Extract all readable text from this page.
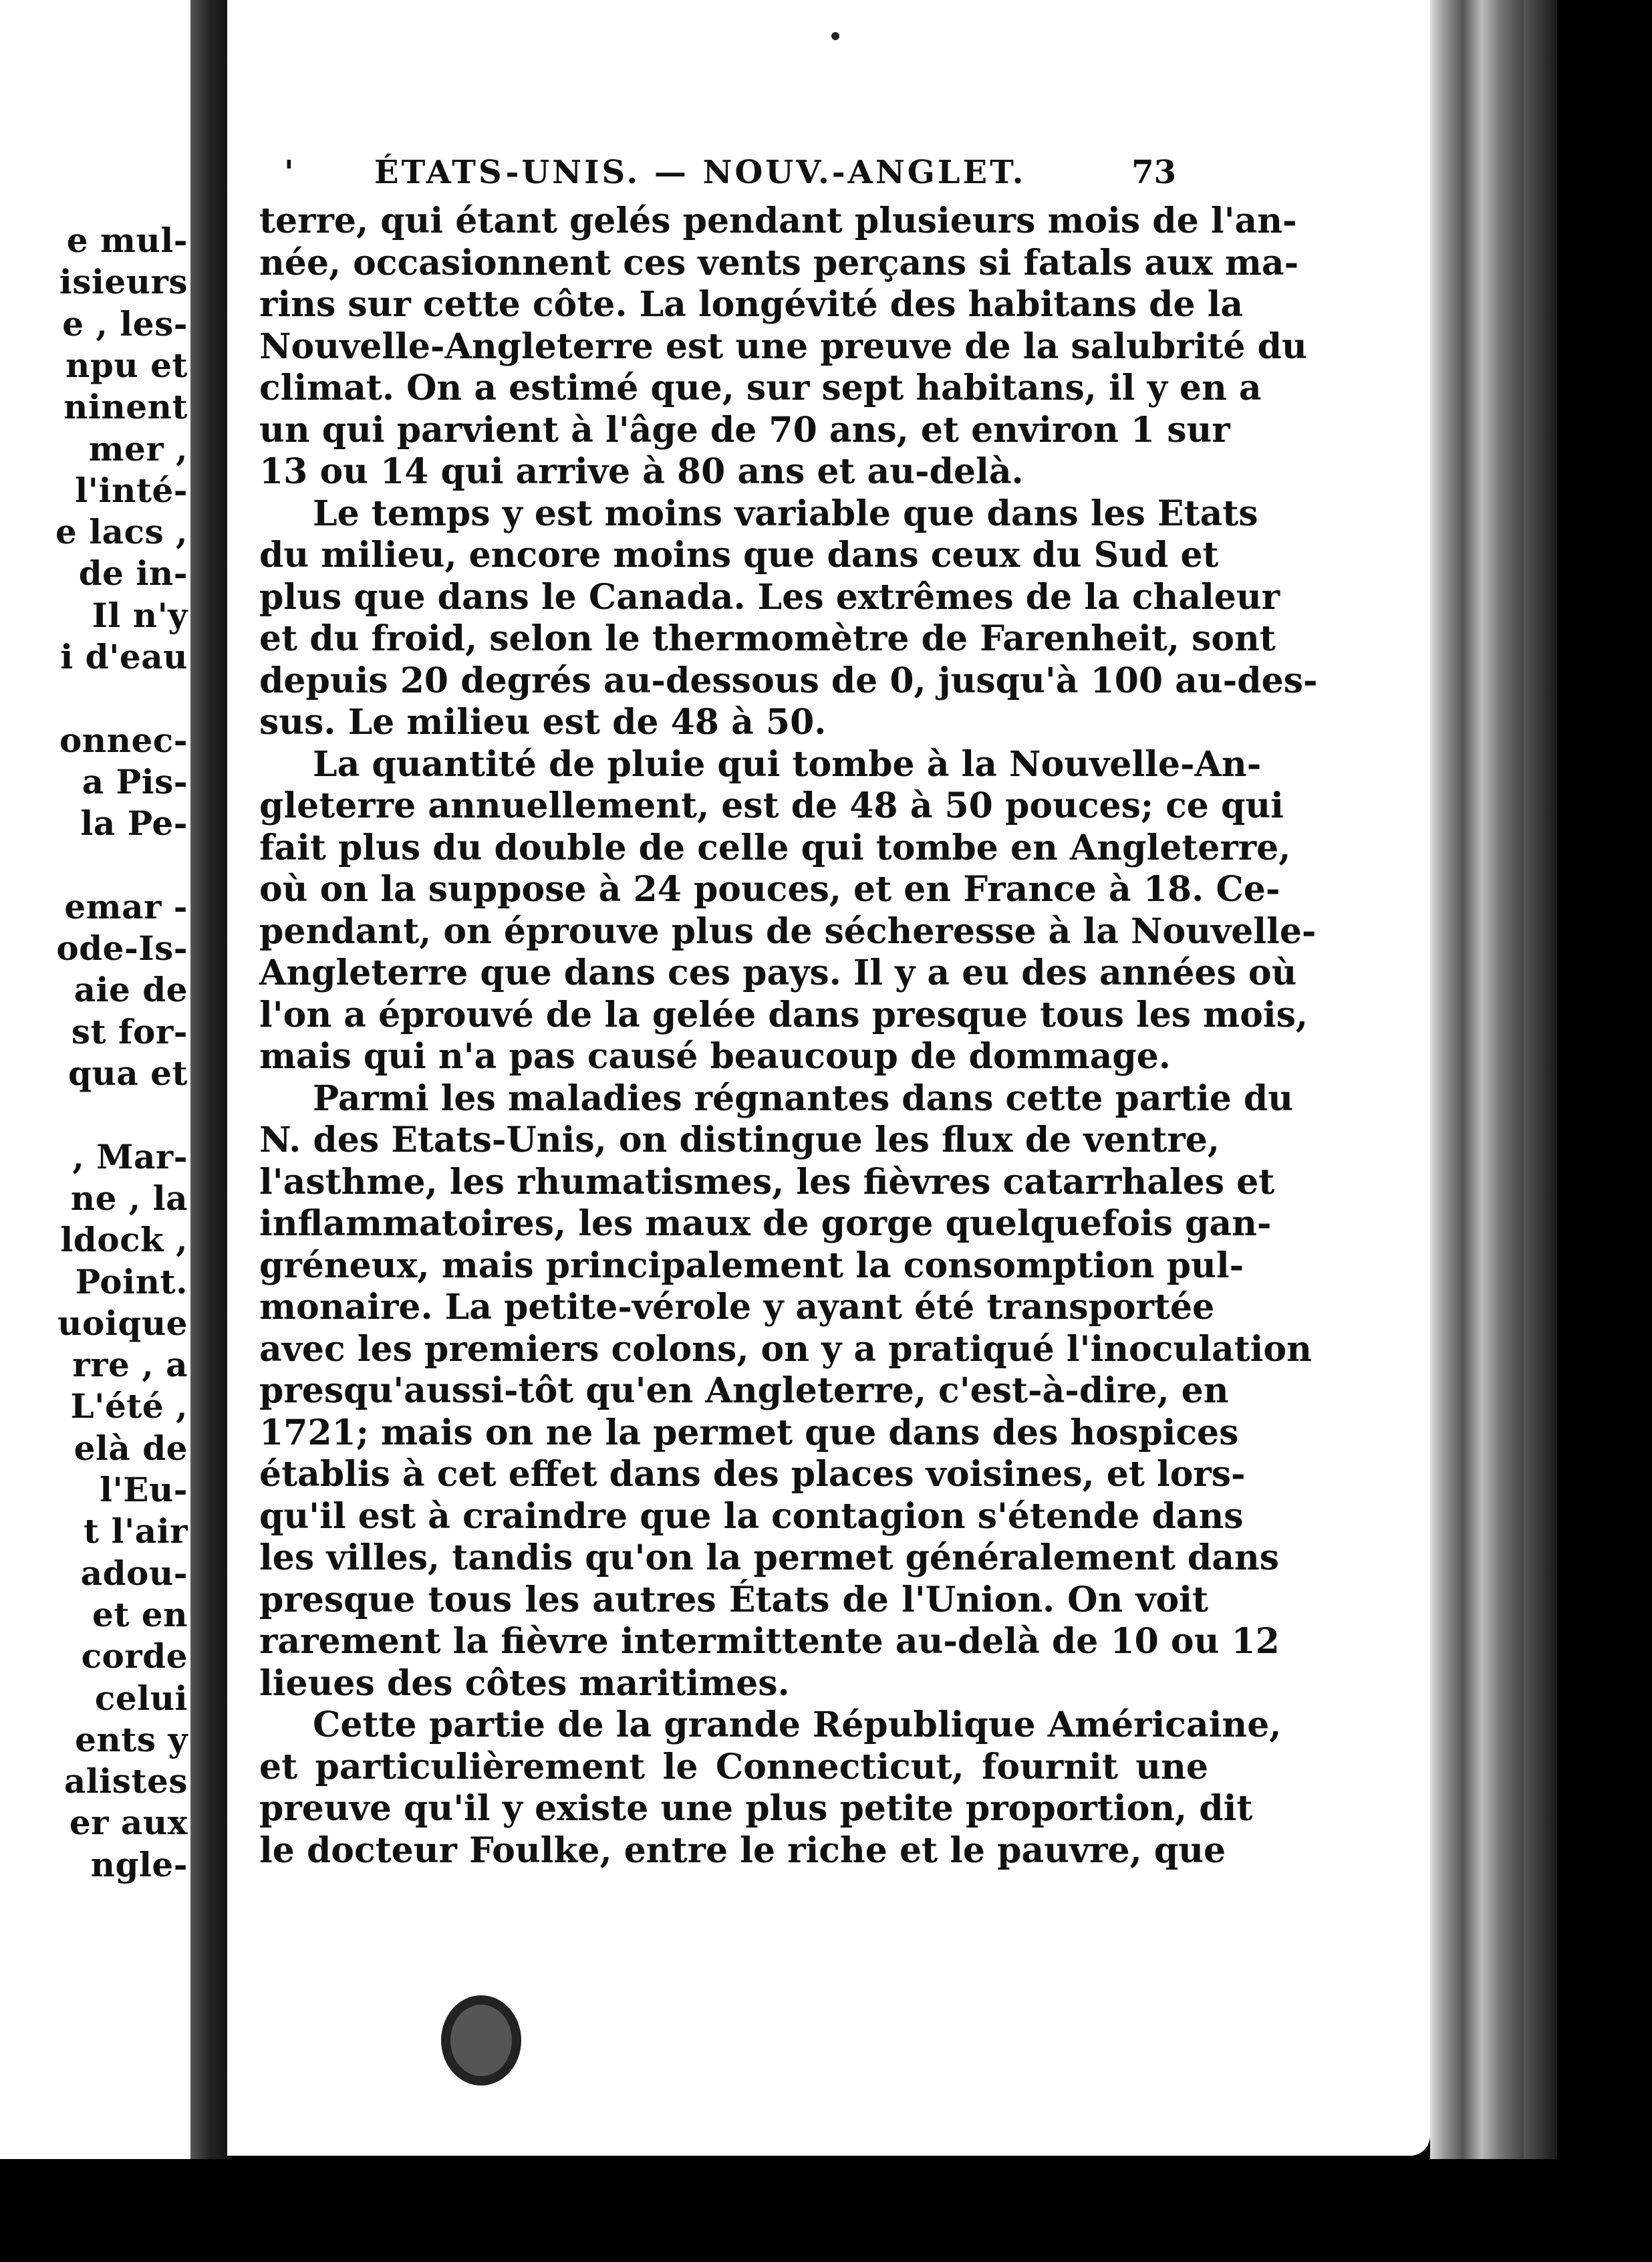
e mul-
isieurs
e , les-
npu et
ninent
mer ,
l'inté-
e lacs ,
de in-
Il n'y
i d'eau
onnec-
a Pis-
la Pe-
emar -
ode-Is-
aie de
st for-
qua et
, Mar-
ne , la
ldock ,
Point.
uoique
rre , a
L'été ,
elà de
l'Eu-
t l'air
adou-
et en
corde
celui
ents y
alistes
er aux
ngle-
'	ÉTATS-UNIS. — NOUV.-ANGLET.	73
terre, qui étant gelés pendant plusieurs mois de l'an-
née, occasionnent ces vents perçans si fatals aux ma-
rins sur cette côte. La longévité des habitans de la
Nouvelle-Angleterre est une preuve de la salubrité du
climat. On a estimé que, sur sept habitans, il y en a
un qui parvient à l'âge de 70 ans, et environ 1 sur
13 ou 14 qui arrive à 80 ans et au-delà.
Le temps y est moins variable que dans les Etats
du milieu, encore moins que dans ceux du Sud et
plus que dans le Canada. Les extrêmes de la chaleur
et du froid, selon le thermomètre de Farenheit, sont
depuis 20 degrés au-dessous de 0, jusqu'à 100 au-des-
sus. Le milieu est de 48 à 50.
La quantité de pluie qui tombe à la Nouvelle-An-
gleterre annuellement, est de 48 à 50 pouces; ce qui
fait plus du double de celle qui tombe en Angleterre,
où on la suppose à 24 pouces, et en France à 18. Ce-
pendant, on éprouve plus de sécheresse à la Nouvelle-
Angleterre que dans ces pays. Il y a eu des années où
l'on a éprouvé de la gelée dans presque tous les mois,
mais qui n'a pas causé beaucoup de dommage.
Parmi les maladies régnantes dans cette partie du
N. des Etats-Unis, on distingue les flux de ventre,
l'asthme, les rhumatismes, les fièvres catarrhales et
inflammatoires, les maux de gorge quelquefois gan-
gréneux, mais principalement la consomption pul-
monaire. La petite-vérole y ayant été transportée
avec les premiers colons, on y a pratiqué l'inoculation
presqu'aussi-tôt qu'en Angleterre, c'est-à-dire, en
1721; mais on ne la permet que dans des hospices
établis à cet effet dans des places voisines, et lors-
qu'il est à craindre que la contagion s'étende dans
les villes, tandis qu'on la permet généralement dans
presque tous les autres États de l'Union. On voit
rarement la fièvre intermittente au-delà de 10 ou 12
lieues des côtes maritimes.
Cette partie de la grande République Américaine,
et particulièrement le Connecticut, fournit une
preuve qu'il y existe une plus petite proportion, dit
le docteur Foulke, entre le riche et le pauvre, que
